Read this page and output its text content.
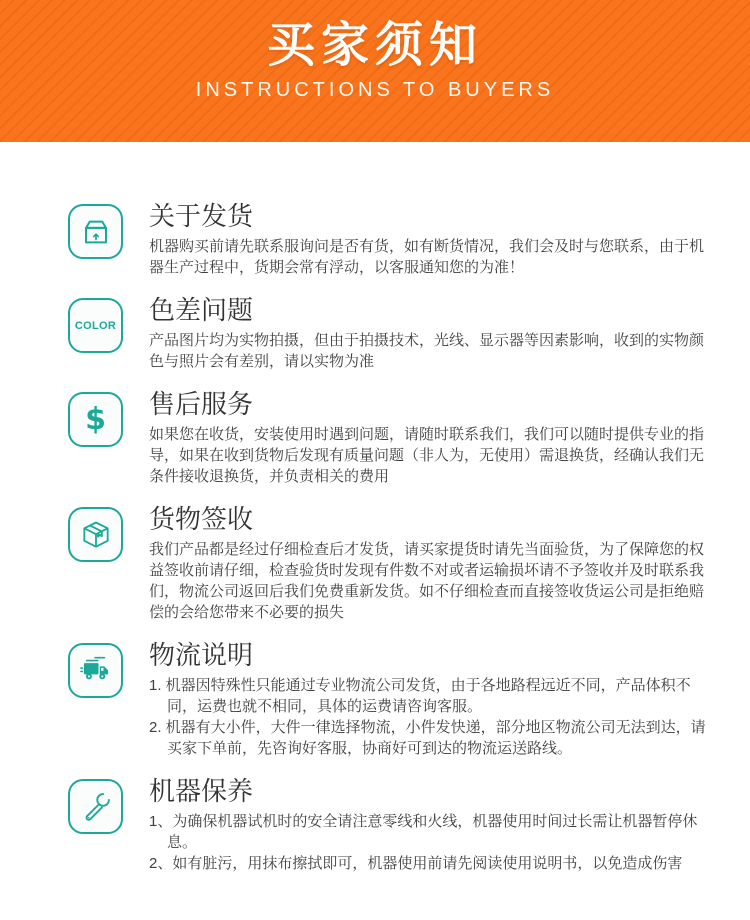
买家须知
INSTRUCTIONS TO BUYERS
关于发货

机器购买前请先联系服询问是否有货，如有断货情况，我们会及时与您联系，由于机器生产过程中，货期会常有浮动，以客服通知您的为准！

COLOR
色差问题

产品图片均为实物拍摄，但由于拍摄技术，光线、显示器等因素影响，收到的实物颜色与照片会有差别，请以实物为准

$ 售后服务

如果您在收货，安装使用时遇到问题，请随时联系我们，我们可以随时提供专业的指导，如果在收到货物后发现有质量问题（非人为，无使用）需退换货，经确认我们无条件接收退换货，并负责相关的费用

货物签收

我们产品都是经过仔细检查后才发货，请买家提货时请先当面验货，为了保障您的权益签收前请仔细，检查验货时发现有件数不对或者运输损坏请不予签收并及时联系我们，物流公司返回后我们免费重新发货。如不仔细检查而直接签收货运公司是拒绝赔偿的会给您带来不必要的损失

物流说明
1. 机器因特殊性只能通过专业物流公司发货，由于各地路程远近不同，产品体积不同，运费也就不相同，具体的运费请咨询客服。
2. 机器有大小件，大件一律选择物流，小件发快递，部分地区物流公司无法到达，请买家下单前，先咨询好客服，协商好可到达的物流运送路线。
机器保养
1、为确保机器试机时的安全请注意零线和火线，机器使用时间过长需让机器暂停休息。
2、如有脏污，用抹布擦拭即可，机器使用前请先阅读使用说明书，以免造成伤害
